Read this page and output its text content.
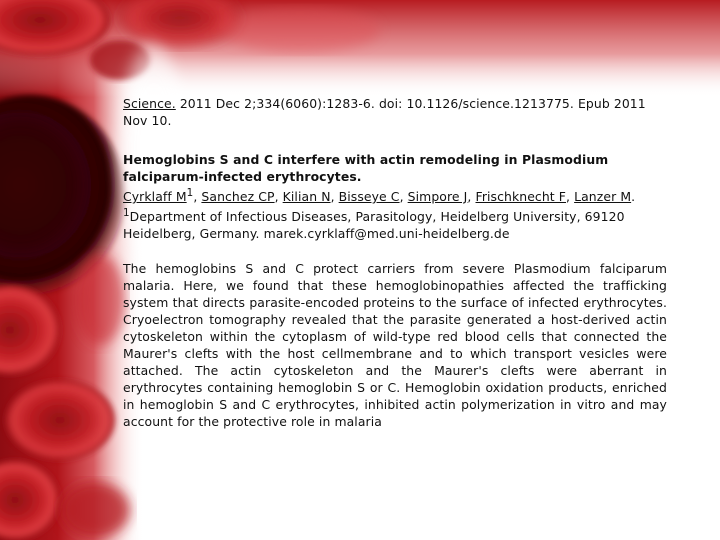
Science. 2011 Dec 2;334(6060):1283-6. doi: 10.1126/science.1213775. Epub 2011 Nov 10.

Hemoglobins S and C interfere with actin remodeling in Plasmodium falciparum-infected erythrocytes.

Cyrklaff $M^1$, Sanchez CP, Kilian N, Bisseye C, Simpore J, Frischknecht F, Lanzer M.

$^1$Department of Infectious Diseases, Parasitology, Heidelberg University, 69120 Heidelberg, Germany. marek.cyrklaff@med.uni-heidelberg.de

The hemoglobins S and C protect carriers from severe Plasmodium falciparum malaria. Here, we found that these hemoglobinopathies affected the trafficking system that directs parasite-encoded proteins to the surface of infected erythrocytes. Cryoelectron tomography revealed that the parasite generated a host-derived actin cytoskeleton within the cytoplasm of wild-type red blood cells that connected the Maurer's clefts with the host cellmembrane and to which transport vesicles were attached. The actin cytoskeleton and the Maurer's clefts were aberrant in erythrocytes containing hemoglobin S or C. Hemoglobin oxidation products, enriched in hemoglobin S and C erythrocytes, inhibited actin polymerization in vitro and may account for the protective role in malaria
